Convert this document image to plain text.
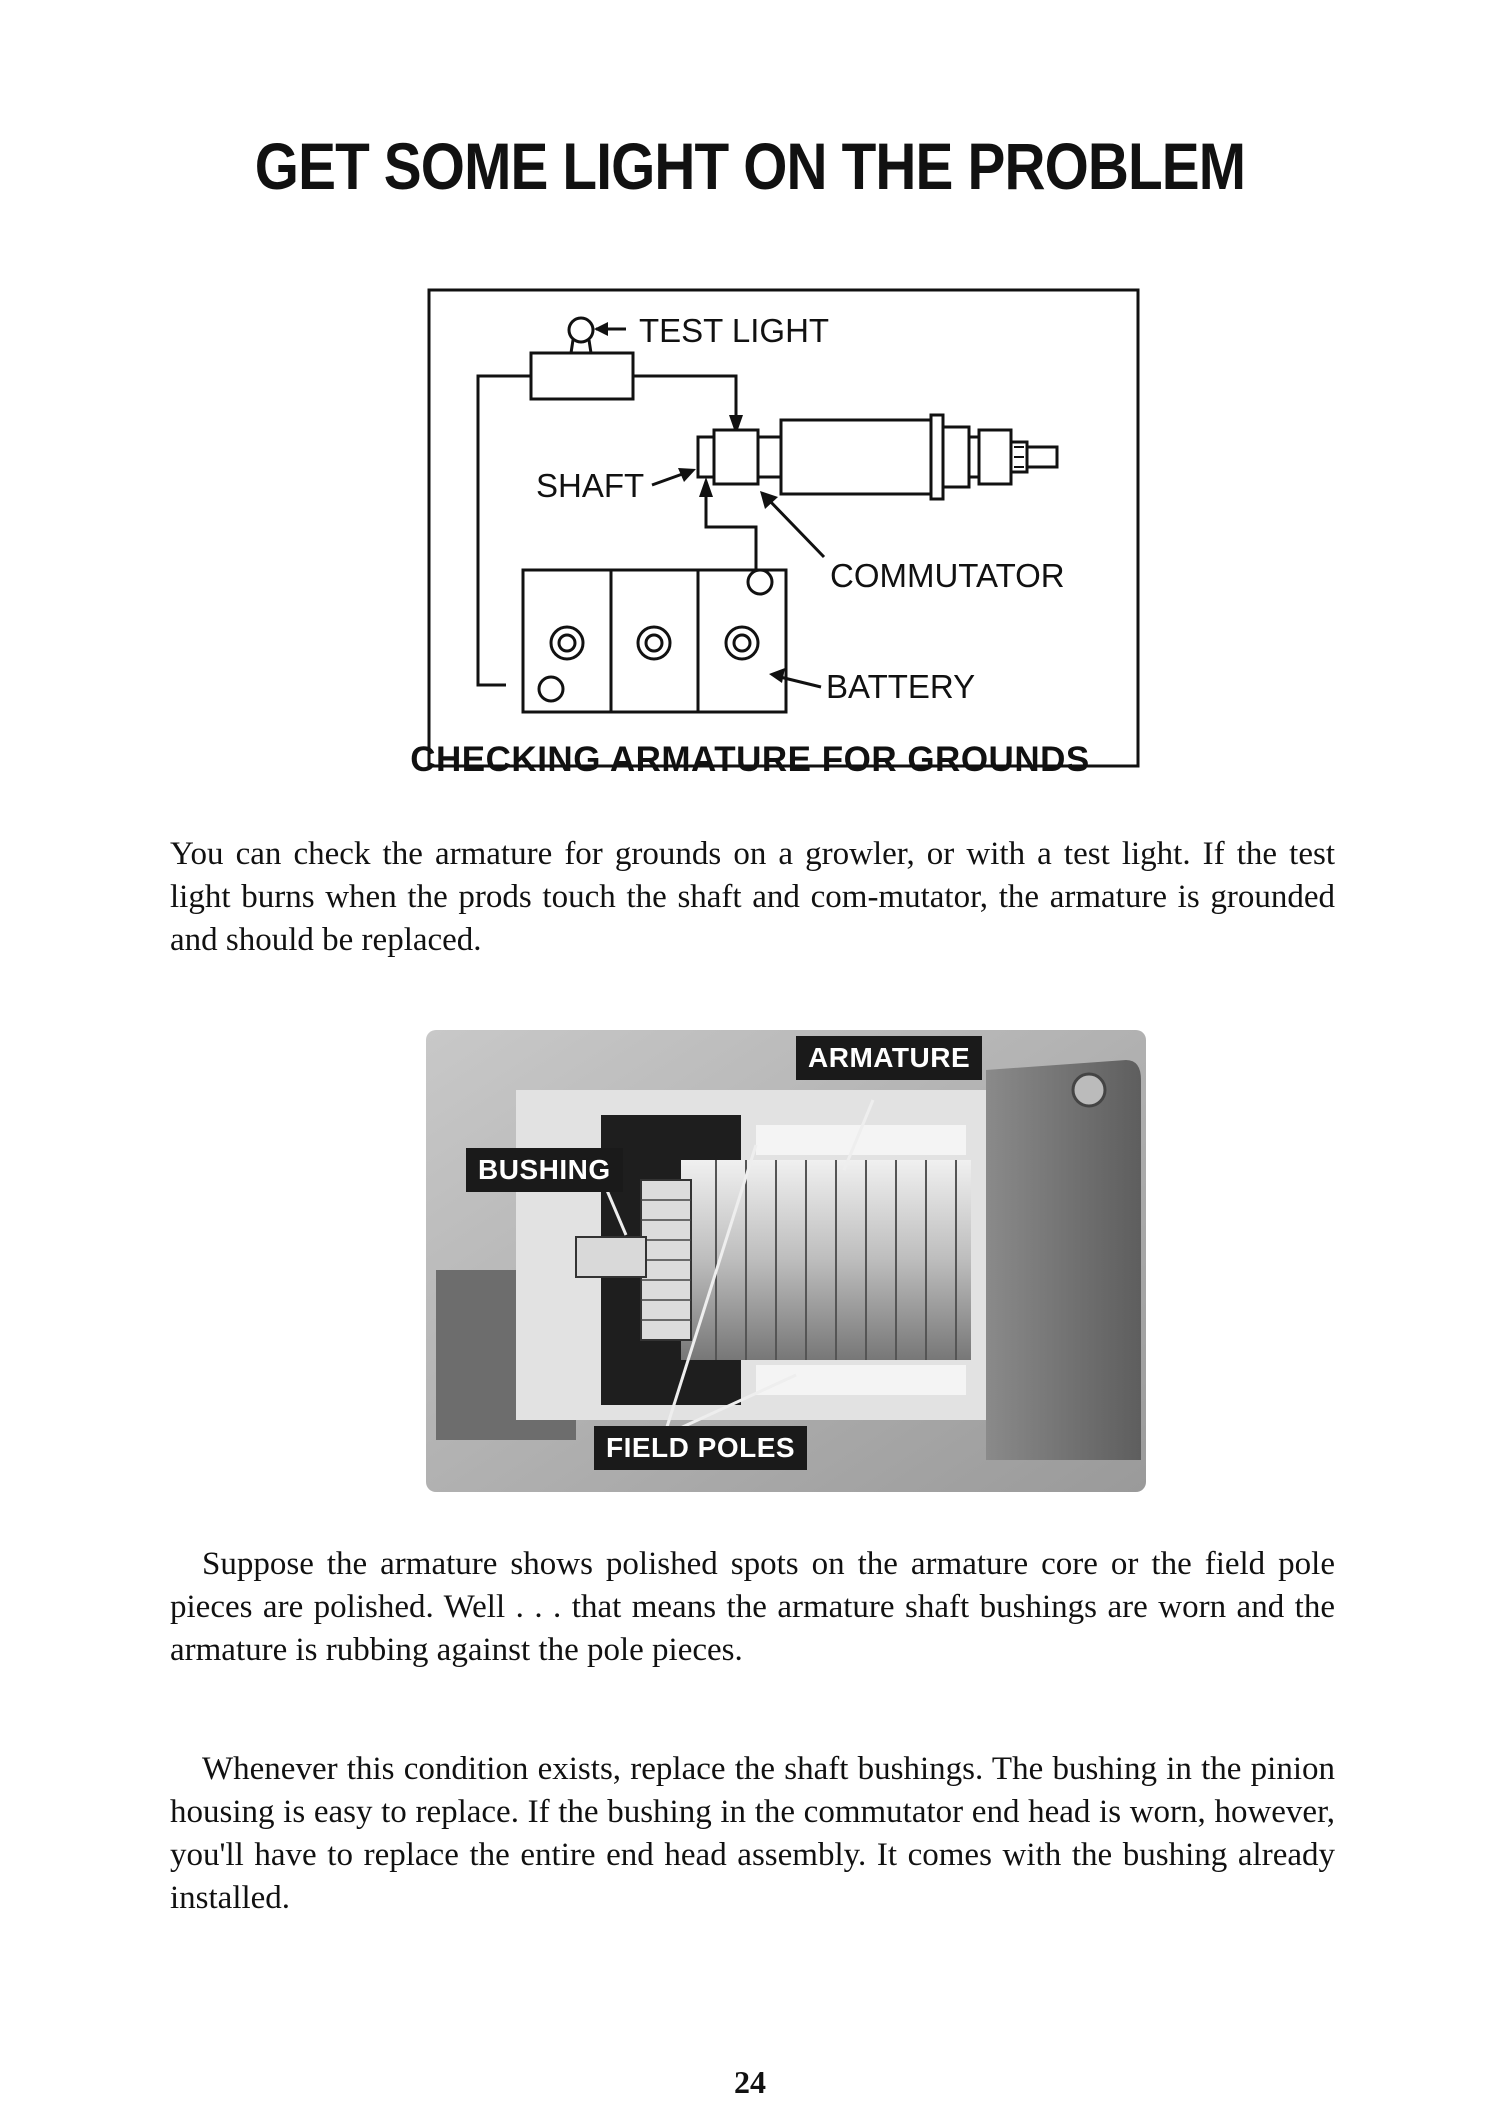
GET SOME LIGHT ON THE PROBLEM
TEST LIGHT
SHAFT
COMMUTATOR
BATTERY
CHECKING ARMATURE FOR GROUNDS

You can check the armature for grounds on a growler, or with a test light. If the test light burns when the prods touch the shaft and com-mutator, the armature is grounded and should be replaced.

ARMATURE
BUSHING
FIELD POLES

Suppose the armature shows polished spots on the armature core or the field pole pieces are polished. Well . . . that means the armature shaft bushings are worn and the armature is rubbing against the pole pieces.

Whenever this condition exists, replace the shaft bushings. The bushing in the pinion housing is easy to replace. If the bushing in the commutator end head is worn, however, you'll have to replace the entire end head assembly. It comes with the bushing already installed.

24
